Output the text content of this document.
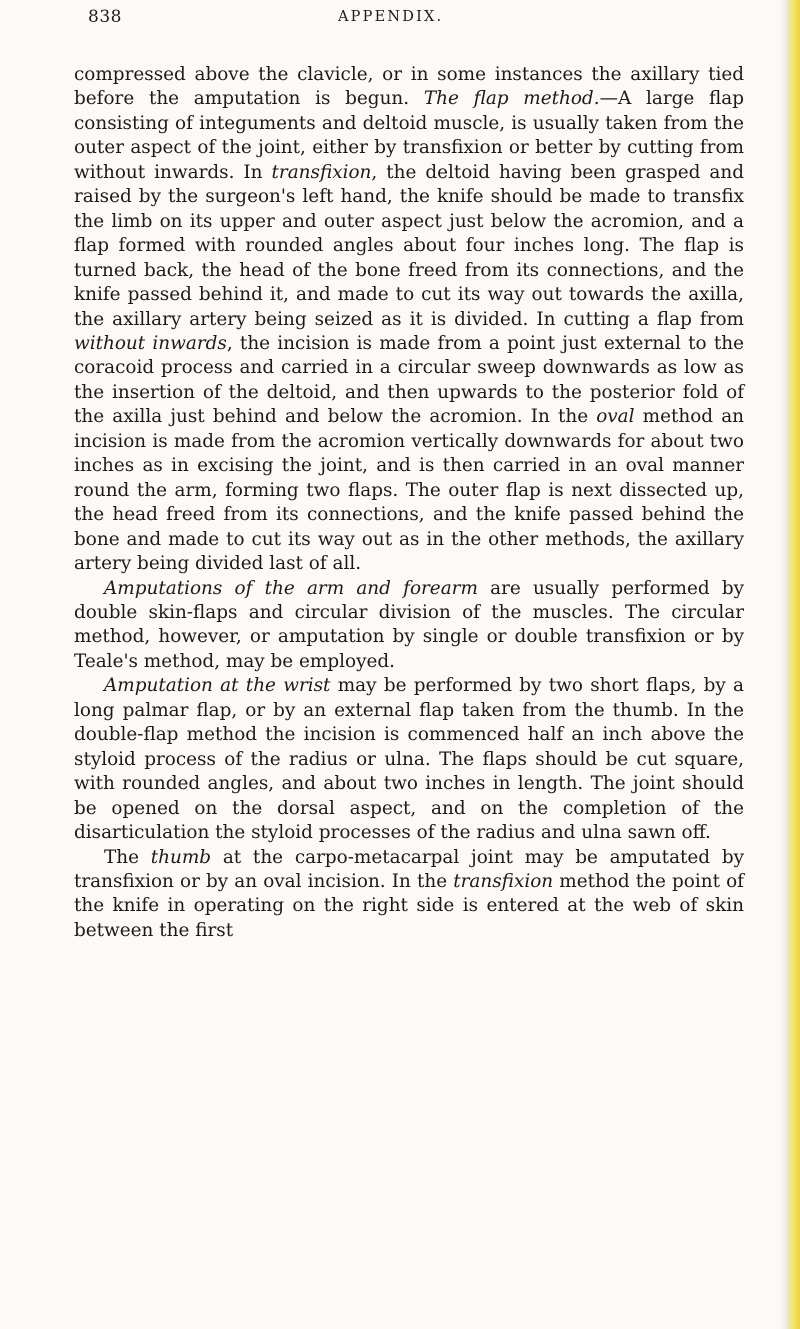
838	APPENDIX.

compressed above the clavicle, or in some instances the axillary tied before the amputation is begun. The flap method.—A large flap consisting of integuments and deltoid muscle, is usually taken from the outer aspect of the joint, either by transfixion or better by cutting from without inwards. In transfixion, the deltoid having been grasped and raised by the surgeon's left hand, the knife should be made to transfix the limb on its upper and outer aspect just below the acromion, and a flap formed with rounded angles about four inches long. The flap is turned back, the head of the bone freed from its connections, and the knife passed behind it, and made to cut its way out towards the axilla, the axillary artery being seized as it is divided. In cutting a flap from without inwards, the incision is made from a point just external to the coracoid process and carried in a circular sweep downwards as low as the insertion of the deltoid, and then upwards to the posterior fold of the axilla just behind and below the acromion. In the oval method an incision is made from the acromion vertically downwards for about two inches as in excising the joint, and is then carried in an oval manner round the arm, forming two flaps. The outer flap is next dissected up, the head freed from its connections, and the knife passed behind the bone and made to cut its way out as in the other methods, the axillary artery being divided last of all.

Amputations of the arm and forearm are usually performed by double skin-flaps and circular division of the muscles. The circular method, however, or amputation by single or double transfixion or by Teale's method, may be employed.

Amputation at the wrist may be performed by two short flaps, by a long palmar flap, or by an external flap taken from the thumb. In the double-flap method the incision is commenced half an inch above the styloid process of the radius or ulna. The flaps should be cut square, with rounded angles, and about two inches in length. The joint should be opened on the dorsal aspect, and on the completion of the disarticulation the styloid processes of the radius and ulna sawn off.

The thumb at the carpo-metacarpal joint may be amputated by transfixion or by an oval incision. In the transfixion method the point of the knife in operating on the right side is entered at the web of skin between the first
